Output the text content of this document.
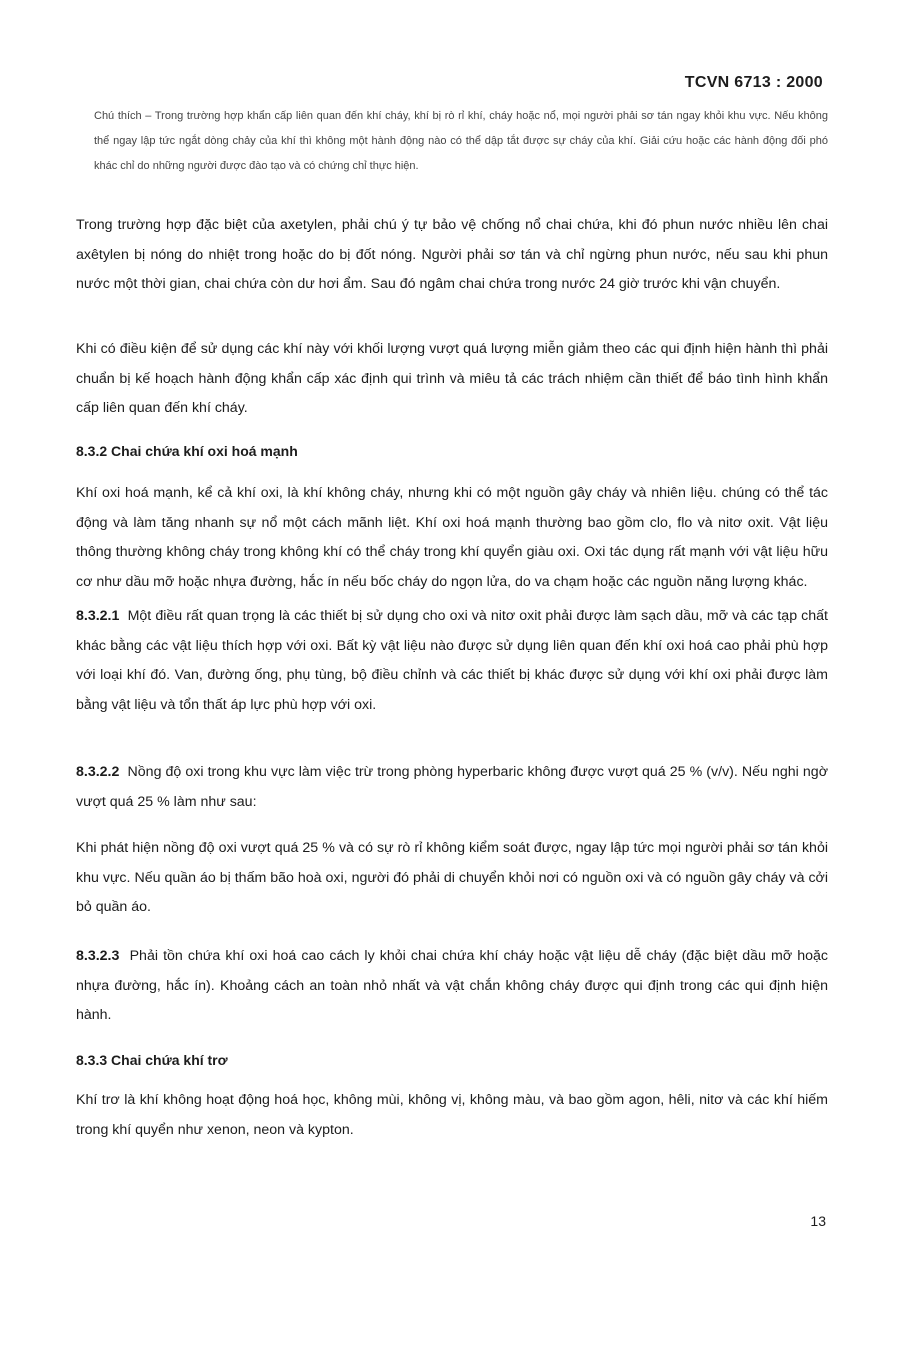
TCVN 6713 : 2000
Chú thích – Trong trường hợp khẩn cấp liên quan đến khí cháy, khí bị rò rỉ khí, cháy hoặc nổ, mọi người phải sơ tán ngay khỏi khu vực. Nếu không thể ngay lập tức ngắt dòng chảy của khí thì không một hành động nào có thể dập tắt được sự cháy của khí. Giải cứu hoặc các hành động đối phó khác chỉ do những người được đào tạo và có chứng chỉ thực hiện.
Trong trường hợp đặc biệt của axetylen, phải chú ý tự bảo vệ chống nổ chai chứa, khi đó phun nước nhiều lên chai axêtylen bị nóng do nhiệt trong hoặc do bị đốt nóng. Người phải sơ tán và chỉ ngừng phun nước, nếu sau khi phun nước một thời gian, chai chứa còn dư hơi ẩm. Sau đó ngâm chai chứa trong nước 24 giờ trước khi vận chuyển.
Khi có điều kiện để sử dụng các khí này với khối lượng vượt quá lượng miễn giảm theo các qui định hiện hành thì phải chuẩn bị kế hoạch hành động khẩn cấp xác định qui trình và miêu tả các trách nhiệm cần thiết để báo tình hình khẩn cấp liên quan đến khí cháy.
8.3.2 Chai chứa khí oxi hoá mạnh
Khí oxi hoá mạnh, kể cả khí oxi, là khí không cháy, nhưng khi có một nguồn gây cháy và nhiên liệu. chúng có thể tác động và làm tăng nhanh sự nổ một cách mãnh liệt. Khí oxi hoá mạnh thường bao gồm clo, flo và nitơ oxit. Vật liệu thông thường không cháy trong không khí có thể cháy trong khí quyển giàu oxi. Oxi tác dụng rất mạnh với vật liệu hữu cơ như dầu mỡ hoặc nhựa đường, hắc ín nếu bốc cháy do ngọn lửa, do va chạm hoặc các nguồn năng lượng khác.
8.3.2.1 Một điều rất quan trọng là các thiết bị sử dụng cho oxi và nitơ oxit phải được làm sạch dầu, mỡ và các tạp chất khác bằng các vật liệu thích hợp với oxi. Bất kỳ vật liệu nào được sử dụng liên quan đến khí oxi hoá cao phải phù hợp với loại khí đó. Van, đường ống, phụ tùng, bộ điều chỉnh và các thiết bị khác được sử dụng với khí oxi phải được làm bằng vật liệu và tổn thất áp lực phù hợp với oxi.
8.3.2.2 Nồng độ oxi trong khu vực làm việc trừ trong phòng hyperbaric không được vượt quá 25 % (v/v). Nếu nghi ngờ vượt quá 25 % làm như sau:
Khi phát hiện nồng độ oxi vượt quá 25 % và có sự rò rỉ không kiểm soát được, ngay lập tức mọi người phải sơ tán khỏi khu vực. Nếu quần áo bị thấm bão hoà oxi, người đó phải di chuyển khỏi nơi có nguồn oxi và có nguồn gây cháy và cởi bỏ quần áo.
8.3.2.3 Phải tồn chứa khí oxi hoá cao cách ly khỏi chai chứa khí cháy hoặc vật liệu dễ cháy (đặc biệt dầu mỡ hoặc nhựa đường, hắc ín). Khoảng cách an toàn nhỏ nhất và vật chắn không cháy được qui định trong các qui định hiện hành.
8.3.3 Chai chứa khí trơ
Khí trơ là khí không hoạt động hoá học, không mùi, không vị, không màu, và bao gồm agon, hêli, nitơ và các khí hiếm trong khí quyển như xenon, neon và kypton.
13
